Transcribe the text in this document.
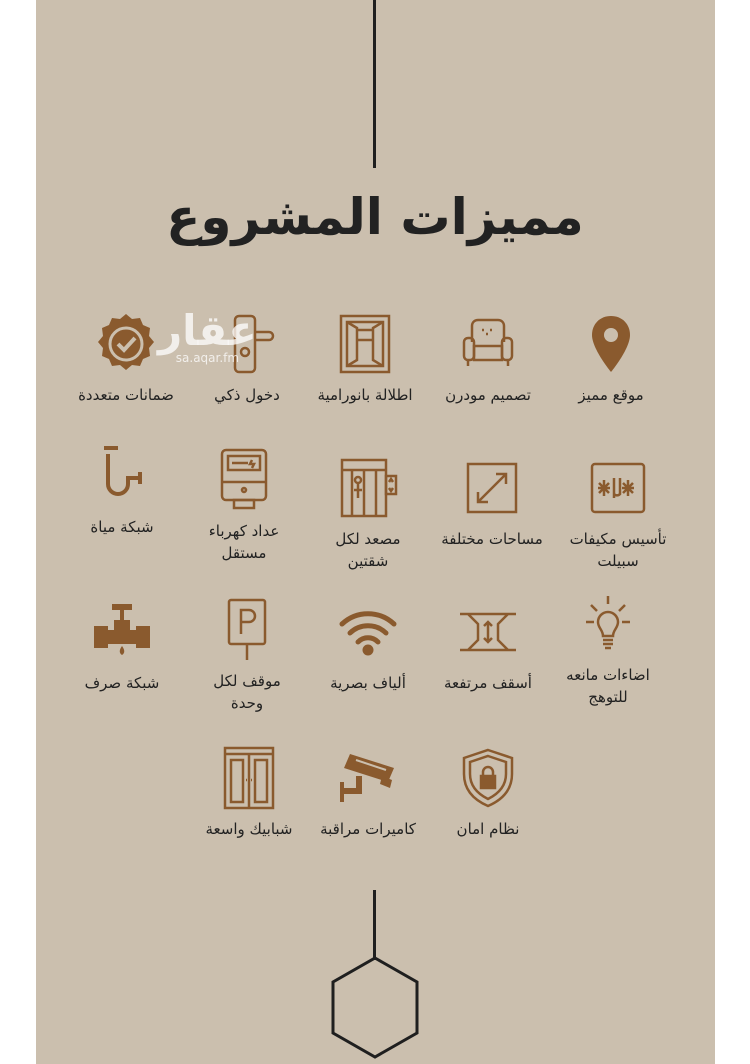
مميزات المشروع
موقع مميز

تصميم مودرن

اطلالة بانورامية

دخول ذكي

ضمانات متعددة

تأسيس مكيفات
سبيلت
مساحات مختلفة

مصعد لكل
شقتين
عداد كهرباء
مستقل
شبكة مياة

اضاءات مانعه
للتوهج
أسقف مرتفعة

ألياف بصرية

موقف لكل
وحدة
شبكة صرف

نظام امان

كاميرات مراقبة

شبابيك واسعة

عقار
sa.aqar.fm
